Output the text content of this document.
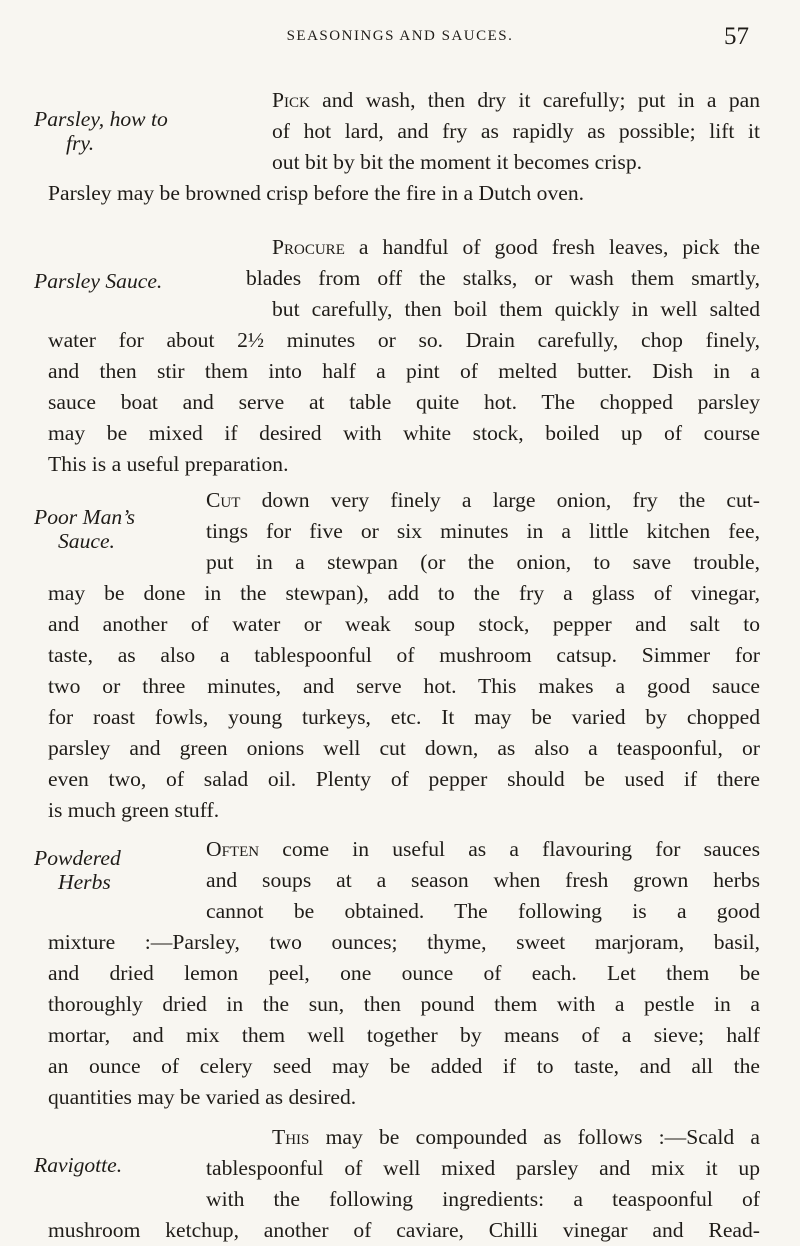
SEASONINGS AND SAUCES.	57
Parsley, how to
fry.

Pick and wash, then dry it carefully; put in a pan
of hot lard, and fry as rapidly as possible; lift it
out bit by bit the moment it becomes crisp.
Parsley may be browned crisp before the fire in a Dutch oven.

Parsley Sauce.

Procure a handful of good fresh leaves, pick the
blades from off the stalks, or wash them smartly,
but carefully, then boil them quickly in well salted
water for about 2½ minutes or so. Drain carefully, chop finely,
and then stir them into half a pint of melted butter. Dish in a
sauce boat and serve at table quite hot. The chopped parsley
may be mixed if desired with white stock, boiled up of course
This is a useful preparation.

Poor Man’s
Sauce.

Cut down very finely a large onion, fry the cut-
tings for five or six minutes in a little kitchen fee,
put in a stewpan (or the onion, to save trouble,
may be done in the stewpan), add to the fry a glass of vinegar,
and another of water or weak soup stock, pepper and salt to
taste, as also a tablespoonful of mushroom catsup. Simmer for
two or three minutes, and serve hot. This makes a good sauce
for roast fowls, young turkeys, etc. It may be varied by chopped
parsley and green onions well cut down, as also a teaspoonful, or
even two, of salad oil. Plenty of pepper should be used if there
is much green stuff.

Powdered
Herbs

Often come in useful as a flavouring for sauces
and soups at a season when fresh grown herbs
cannot be obtained. The following is a good
mixture :—Parsley, two ounces; thyme, sweet marjoram, basil,
and dried lemon peel, one ounce of each. Let them be
thoroughly dried in the sun, then pound them with a pestle in a
mortar, and mix them well together by means of a sieve; half
an ounce of celery seed may be added if to taste, and all the
quantities may be varied as desired.

Ravigotte.

This may be compounded as follows :—Scald a
tablespoonful of well mixed parsley and mix it up
with the following ingredients: a teaspoonful of
mushroom ketchup, another of caviare, Chilli vinegar and Read-
